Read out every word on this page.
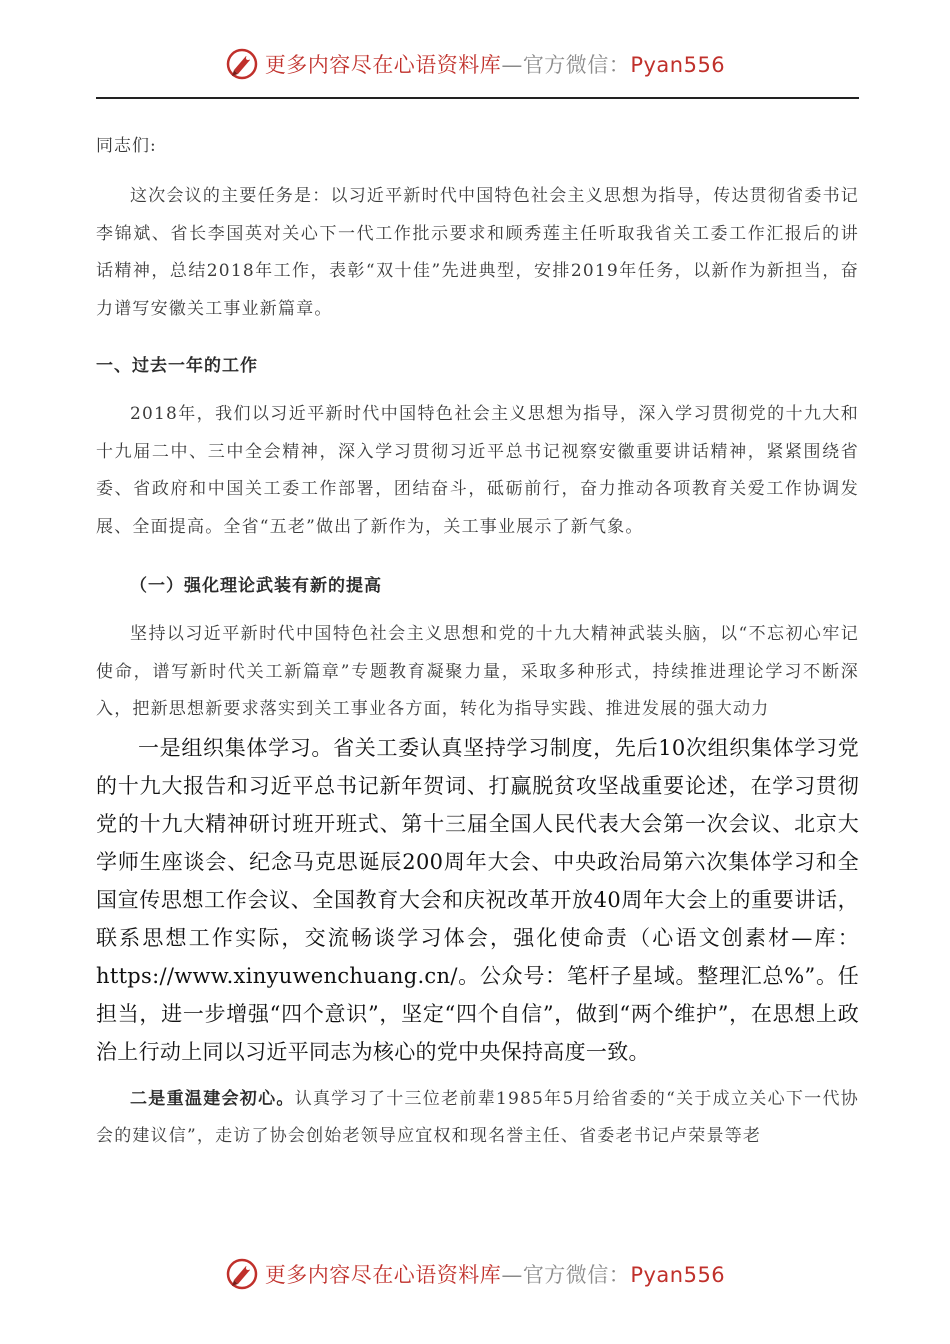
更多内容尽在心语资料库—官方微信：Pyan556

同志们:

这次会议的主要任务是：以习近平新时代中国特色社会主义思想为指导，传达贯彻省委书记李锦斌、省长李国英对关心下一代工作批示要求和顾秀莲主任听取我省关工委工作汇报后的讲话精神，总结2018年工作，表彰“双十佳”先进典型，安排2019年任务，以新作为新担当，奋力谱写安徽关工事业新篇章。

一、过去一年的工作

2018年，我们以习近平新时代中国特色社会主义思想为指导，深入学习贯彻党的十九大和十九届二中、三中全会精神，深入学习贯彻习近平总书记视察安徽重要讲话精神，紧紧围绕省委、省政府和中国关工委工作部署，团结奋斗，砥砺前行，奋力推动各项教育关爱工作协调发展、全面提高。全省“五老”做出了新作为，关工事业展示了新气象。

（一）强化理论武装有新的提高

坚持以习近平新时代中国特色社会主义思想和党的十九大精神武装头脑，以“不忘初心牢记使命，谱写新时代关工新篇章”专题教育凝聚力量，采取多种形式，持续推进理论学习不断深入，把新思想新要求落实到关工事业各方面，转化为指导实践、推进发展的强大动力

一是组织集体学习。省关工委认真坚持学习制度，先后10次组织集体学习党的十九大报告和习近平总书记新年贺词、打赢脱贫攻坚战重要论述，在学习贯彻党的十九大精神研讨班开班式、第十三届全国人民代表大会第一次会议、北京大学师生座谈会、纪念马克思诞辰200周年大会、中央政治局第六次集体学习和全国宣传思想工作会议、全国教育大会和庆祝改革开放40周年大会上的重要讲话，联系思想工作实际，交流畅谈学习体会，强化使命责（心语文创素材—库：https://www.xinyuwenchuang.cn/。公众号：笔杆子星域。整理汇总%”。任担当，进一步增强“四个意识”，坚定“四个自信”，做到“两个维护”，在思想上政治上行动上同以习近平同志为核心的党中央保持高度一致。

二是重温建会初心。认真学习了十三位老前辈1985年5月给省委的“关于成立关心下一代协会的建议信”，走访了协会创始老领导应宜权和现名誉主任、省委老书记卢荣景等老

更多内容尽在心语资料库—官方微信：Pyan556
